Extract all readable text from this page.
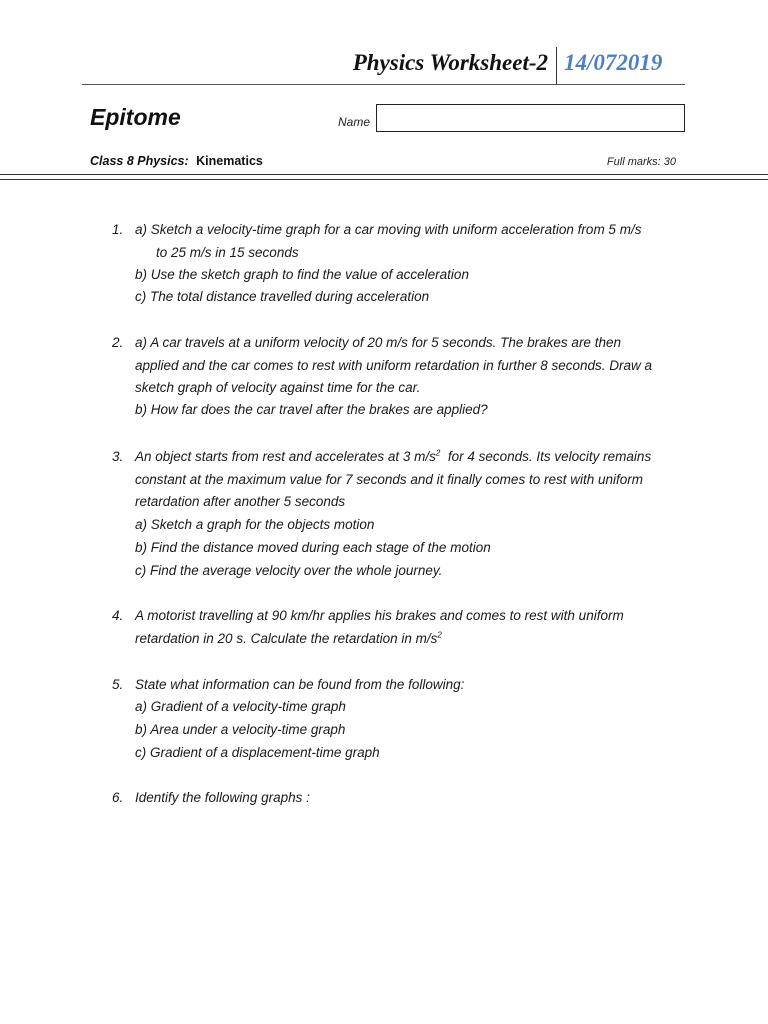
Physics Worksheet-2 14/072019
Epitome	Name
Class 8 Physics: Kinematics	Full marks: 30
1. a) Sketch a velocity-time graph for a car moving with uniform acceleration from 5 m/s
to 25 m/s in 15 seconds
b) Use the sketch graph to find the value of acceleration
c) The total distance travelled during acceleration
2. a) A car travels at a uniform velocity of 20 m/s for 5 seconds. The brakes are then
applied and the car comes to rest with uniform retardation in further 8 seconds. Draw a
sketch graph of velocity against time for the car.
b) How far does the car travel after the brakes are applied?
3. An object starts from rest and accelerates at 3 $m/s^2$ for 4 seconds. Its velocity remains
constant at the maximum value for 7 seconds and it finally comes to rest with uniform
retardation after another 5 seconds
a) Sketch a graph for the objects motion
b) Find the distance moved during each stage of the motion
c) Find the average velocity over the whole journey.
4. A motorist travelling at 90 km/hr applies his brakes and comes to rest with uniform
retardation in 20 s. Calculate the retardation in $m/s^2$
5. State what information can be found from the following:
a) Gradient of a velocity-time graph
b) Area under a velocity-time graph
c) Gradient of a displacement-time graph
6. Identify the following graphs :
